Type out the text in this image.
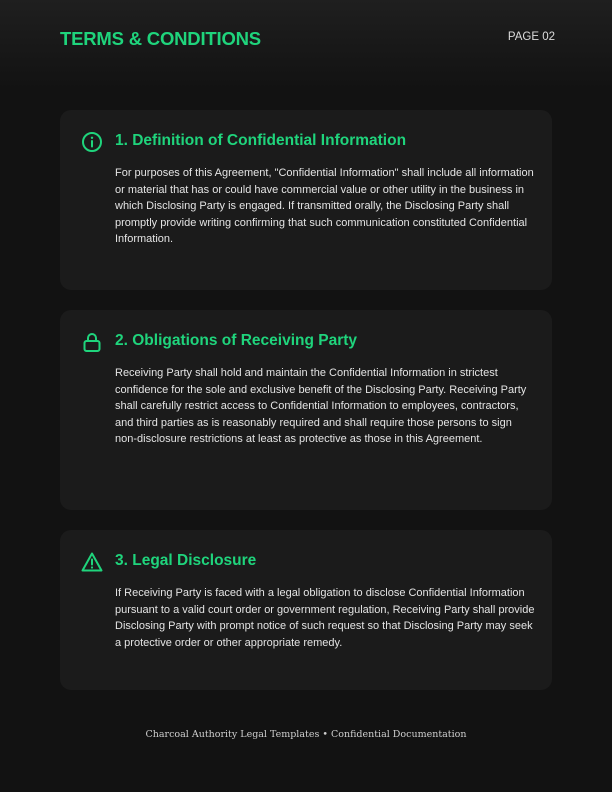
TERMS & CONDITIONS	PAGE 02
1. Definition of Confidential Information
For purposes of this Agreement, "Confidential Information" shall include all information or material that has or could have commercial value or other utility in the business in which Disclosing Party is engaged. If transmitted orally, the Disclosing Party shall promptly provide writing confirming that such communication constituted Confidential Information.
2. Obligations of Receiving Party
Receiving Party shall hold and maintain the Confidential Information in strictest confidence for the sole and exclusive benefit of the Disclosing Party. Receiving Party shall carefully restrict access to Confidential Information to employees, contractors, and third parties as is reasonably required and shall require those persons to sign non-disclosure restrictions at least as protective as those in this Agreement.
3. Legal Disclosure
If Receiving Party is faced with a legal obligation to disclose Confidential Information pursuant to a valid court order or government regulation, Receiving Party shall provide Disclosing Party with prompt notice of such request so that Disclosing Party may seek a protective order or other appropriate remedy.
Charcoal Authority Legal Templates • Confidential Documentation
